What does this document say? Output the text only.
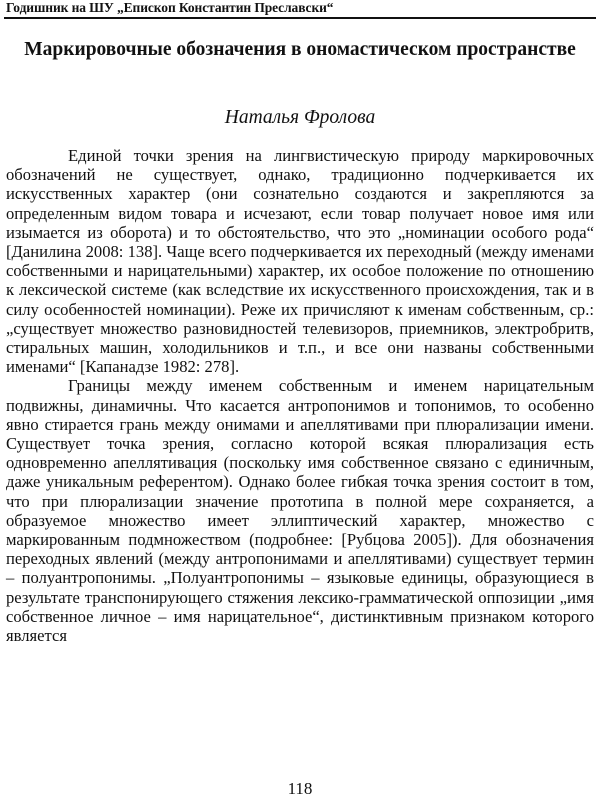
Годишник на ШУ „Епископ Константин Преславски“
Маркировочные обозначения в ономастическом пространстве
Наталья Фролова

Единой точки зрения на лингвистическую природу маркировочных обозначений не существует, однако, традиционно подчеркивается их искусственных характер (они сознательно создаются и закрепляются за определенным видом товара и исчезают, если товар получает новое имя или изымается из оборота) и то обстоятельство, что это „номинации особого рода“ [Данилина 2008: 138]. Чаще всего подчеркивается их переходный (между именами собственными и нарицательными) характер, их особое положение по отношению к лексической системе (как вследствие их искусственного происхождения, так и в силу особенностей номинации). Реже их причисляют к именам собственным, ср.: „существует множество разновидностей телевизоров, приемников, электробритв, стиральных машин, холодильников и т.п., и все они названы собственными именами“ [Капанадзе 1982: 278].

Границы между именем собственным и именем нарицательным подвижны, динамичны. Что касается антропонимов и топонимов, то особенно явно стирается грань между онимами и апеллятивами при плюрализации имени. Существует точка зрения, согласно которой всякая плюрализация есть одновременно апеллятивация (поскольку имя собственное связано с единичным, даже уникальным референтом). Однако более гибкая точка зрения состоит в том, что при плюрализации значение прототипа в полной мере сохраняется, а образуемое множество имеет эллиптический характер, множество с маркированным подмножеством (подробнее: [Рубцова 2005]). Для обозначения переходных явлений (между антропонимами и апеллятивами) существует термин – полуантропонимы. „Полуантропонимы – языковые единицы, образующиеся в результате транспонирующего стяжения лексико-грамматической оппозиции „имя собственное личное – имя нарицательное“, дистинктивным признаком которого является

118
